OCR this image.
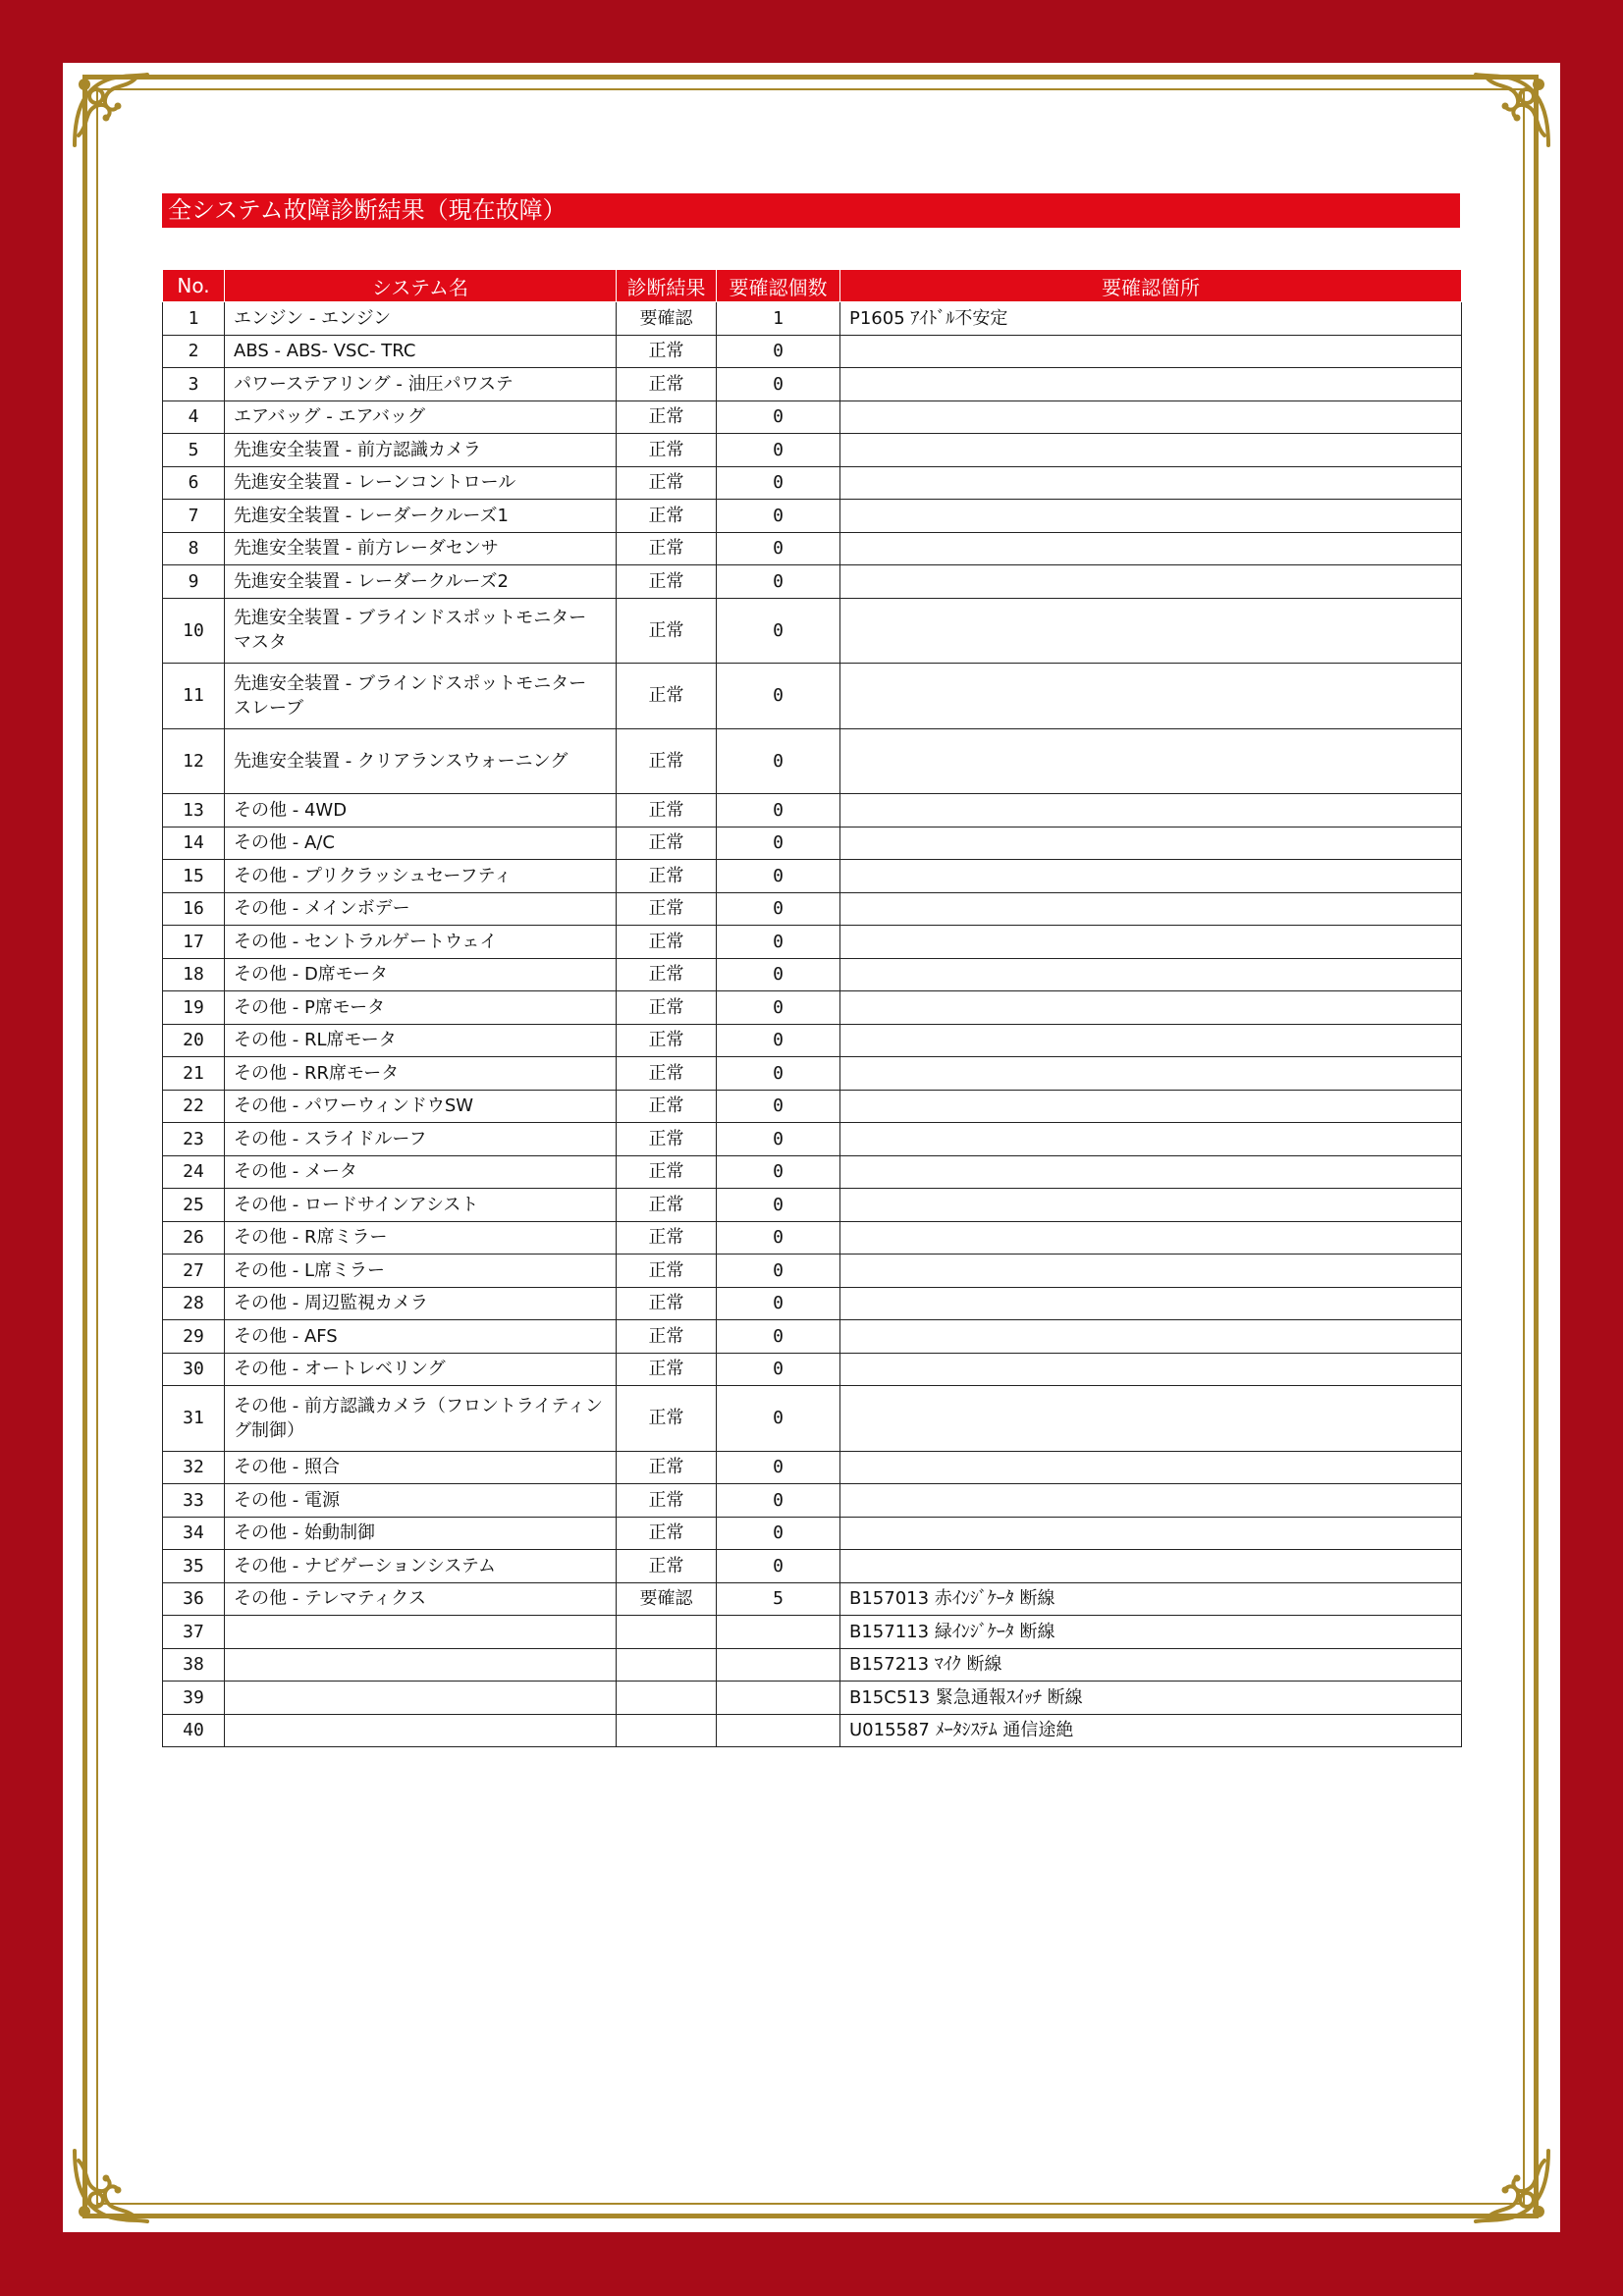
全システム故障診断結果（現在故障）
No.	システム名	診断結果	要確認個数	要確認箇所
1	エンジン - エンジン	要確認	1	P1605 ｱｲﾄﾞﾙ不安定
2	ABS - ABS- VSC- TRC	正常	0	
3	パワーステアリング - 油圧パワステ	正常	0	
4	エアバッグ - エアバッグ	正常	0	
5	先進安全装置 - 前方認識カメラ	正常	0	
6	先進安全装置 - レーンコントロール	正常	0	
7	先進安全装置 - レーダークルーズ1	正常	0	
8	先進安全装置 - 前方レーダセンサ	正常	0	
9	先進安全装置 - レーダークルーズ2	正常	0	
10	先進安全装置 - ブラインドスポットモニター マスタ	正常	0	
11	先進安全装置 - ブラインドスポットモニター スレーブ	正常	0	
12	先進安全装置 - クリアランスウォーニング	正常	0	
13	その他 - 4WD	正常	0	
14	その他 - A/C	正常	0	
15	その他 - プリクラッシュセーフティ	正常	0	
16	その他 - メインボデー	正常	0	
17	その他 - セントラルゲートウェイ	正常	0	
18	その他 - D席モータ	正常	0	
19	その他 - P席モータ	正常	0	
20	その他 - RL席モータ	正常	0	
21	その他 - RR席モータ	正常	0	
22	その他 - パワーウィンドウSW	正常	0	
23	その他 - スライドルーフ	正常	0	
24	その他 - メータ	正常	0	
25	その他 - ロードサインアシスト	正常	0	
26	その他 - R席ミラー	正常	0	
27	その他 - L席ミラー	正常	0	
28	その他 - 周辺監視カメラ	正常	0	
29	その他 - AFS	正常	0	
30	その他 - オートレベリング	正常	0	
31	その他 - 前方認識カメラ（フロントライティング制御）	正常	0	
32	その他 - 照合	正常	0	
33	その他 - 電源	正常	0	
34	その他 - 始動制御	正常	0	
35	その他 - ナビゲーションシステム	正常	0	
36	その他 - テレマティクス	要確認	5	B157013 赤ｲﾝｼﾞｹｰﾀ 断線
37				B157113 緑ｲﾝｼﾞｹｰﾀ 断線
38				B157213 ﾏｲｸ 断線
39				B15C513 緊急通報ｽｲｯﾁ 断線
40				U015587 ﾒｰﾀｼｽﾃﾑ 通信途絶
